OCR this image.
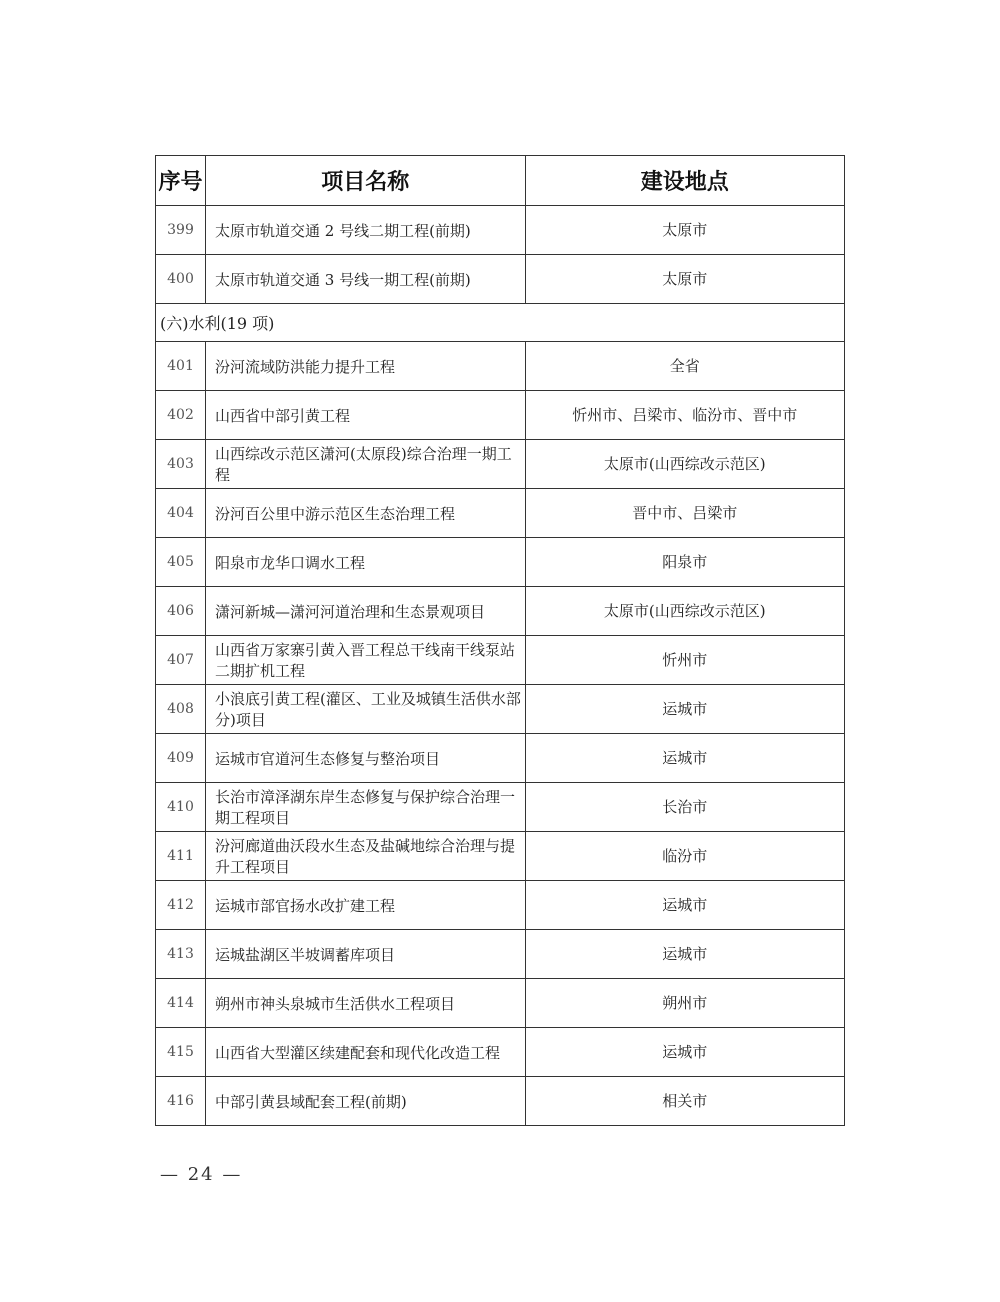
序号	项目名称	建设地点
399	太原市轨道交通 2 号线二期工程(前期)	太原市
400	太原市轨道交通 3 号线一期工程(前期)	太原市
(六)水利(19 项)		
401	汾河流域防洪能力提升工程	全省
402	山西省中部引黄工程	忻州市、吕梁市、临汾市、晋中市
403	山西综改示范区潇河(太原段)综合治理一期工程	太原市(山西综改示范区)
404	汾河百公里中游示范区生态治理工程	晋中市、吕梁市
405	阳泉市龙华口调水工程	阳泉市
406	潇河新城—潇河河道治理和生态景观项目	太原市(山西综改示范区)
407	山西省万家寨引黄入晋工程总干线南干线泵站二期扩机工程	忻州市
408	小浪底引黄工程(灌区、工业及城镇生活供水部分)项目	运城市
409	运城市官道河生态修复与整治项目	运城市
410	长治市漳泽湖东岸生态修复与保护综合治理一期工程项目	长治市
411	汾河廊道曲沃段水生态及盐碱地综合治理与提升工程项目	临汾市
412	运城市部官扬水改扩建工程	运城市
413	运城盐湖区半坡调蓄库项目	运城市
414	朔州市神头泉城市生活供水工程项目	朔州市
415	山西省大型灌区续建配套和现代化改造工程	运城市
416	中部引黄县域配套工程(前期)	相关市
— 24 —
